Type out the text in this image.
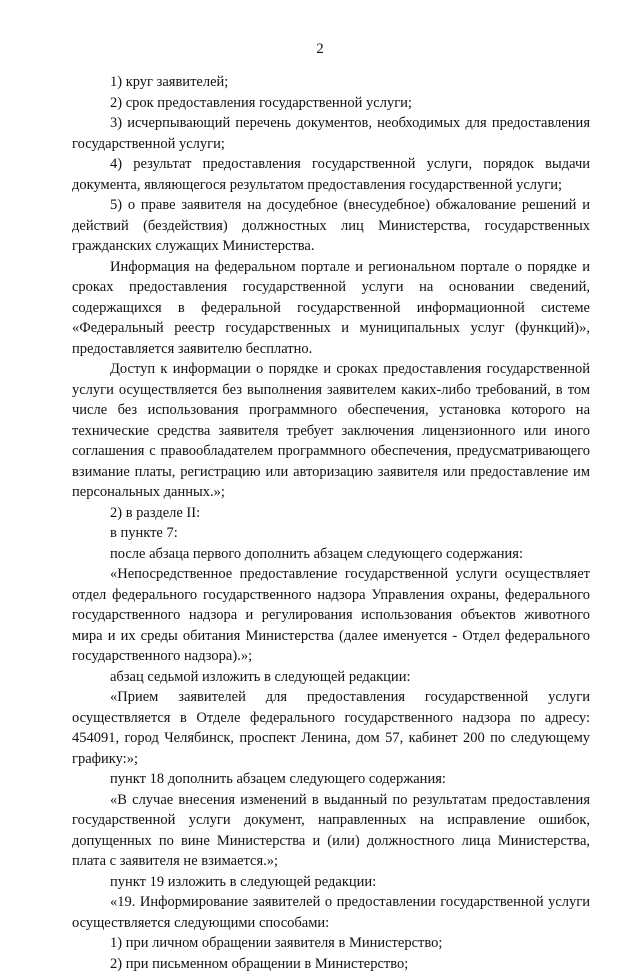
2

1) круг заявителей;

2) срок предоставления государственной услуги;

3) исчерпывающий перечень документов, необходимых для предоставления государственной услуги;

4) результат предоставления государственной услуги, порядок выдачи документа, являющегося результатом предоставления государственной услуги;

5) о праве заявителя на досудебное (внесудебное) обжалование решений и действий (бездействия) должностных лиц Министерства, государственных гражданских служащих Министерства.

Информация на федеральном портале и региональном портале о порядке и сроках предоставления государственной услуги на основании сведений, содержащихся в федеральной государственной информационной системе «Федеральный реестр государственных и муниципальных услуг (функций)», предоставляется заявителю бесплатно.

Доступ к информации о порядке и сроках предоставления государственной услуги осуществляется без выполнения заявителем каких-либо требований, в том числе без использования программного обеспечения, установка которого на технические средства заявителя требует заключения лицензионного или иного соглашения с правообладателем программного обеспечения, предусматривающего взимание платы, регистрацию или авторизацию заявителя или предоставление им персональных данных.»;

2) в разделе II:

в пункте 7:

после абзаца первого дополнить абзацем следующего содержания:

«Непосредственное предоставление государственной услуги осуществляет отдел федерального государственного надзора Управления охраны, федерального государственного надзора и регулирования использования объектов животного мира и их среды обитания Министерства (далее именуется - Отдел федерального государственного надзора).»;

абзац седьмой изложить в следующей редакции:

«Прием заявителей для предоставления государственной услуги осуществляется в Отделе федерального государственного надзора по адресу: 454091, город Челябинск, проспект Ленина, дом 57, кабинет 200 по следующему графику:»;

пункт 18 дополнить абзацем следующего содержания:

«В случае внесения изменений в выданный по результатам предоставления государственной услуги документ, направленных на исправление ошибок, допущенных по вине Министерства и (или) должностного лица Министерства, плата с заявителя не взимается.»;

пункт 19 изложить в следующей редакции:

«19. Информирование заявителей о предоставлении государственной услуги осуществляется следующими способами:

1) при личном обращении заявителя в Министерство;

2) при письменном обращении в Министерство;
